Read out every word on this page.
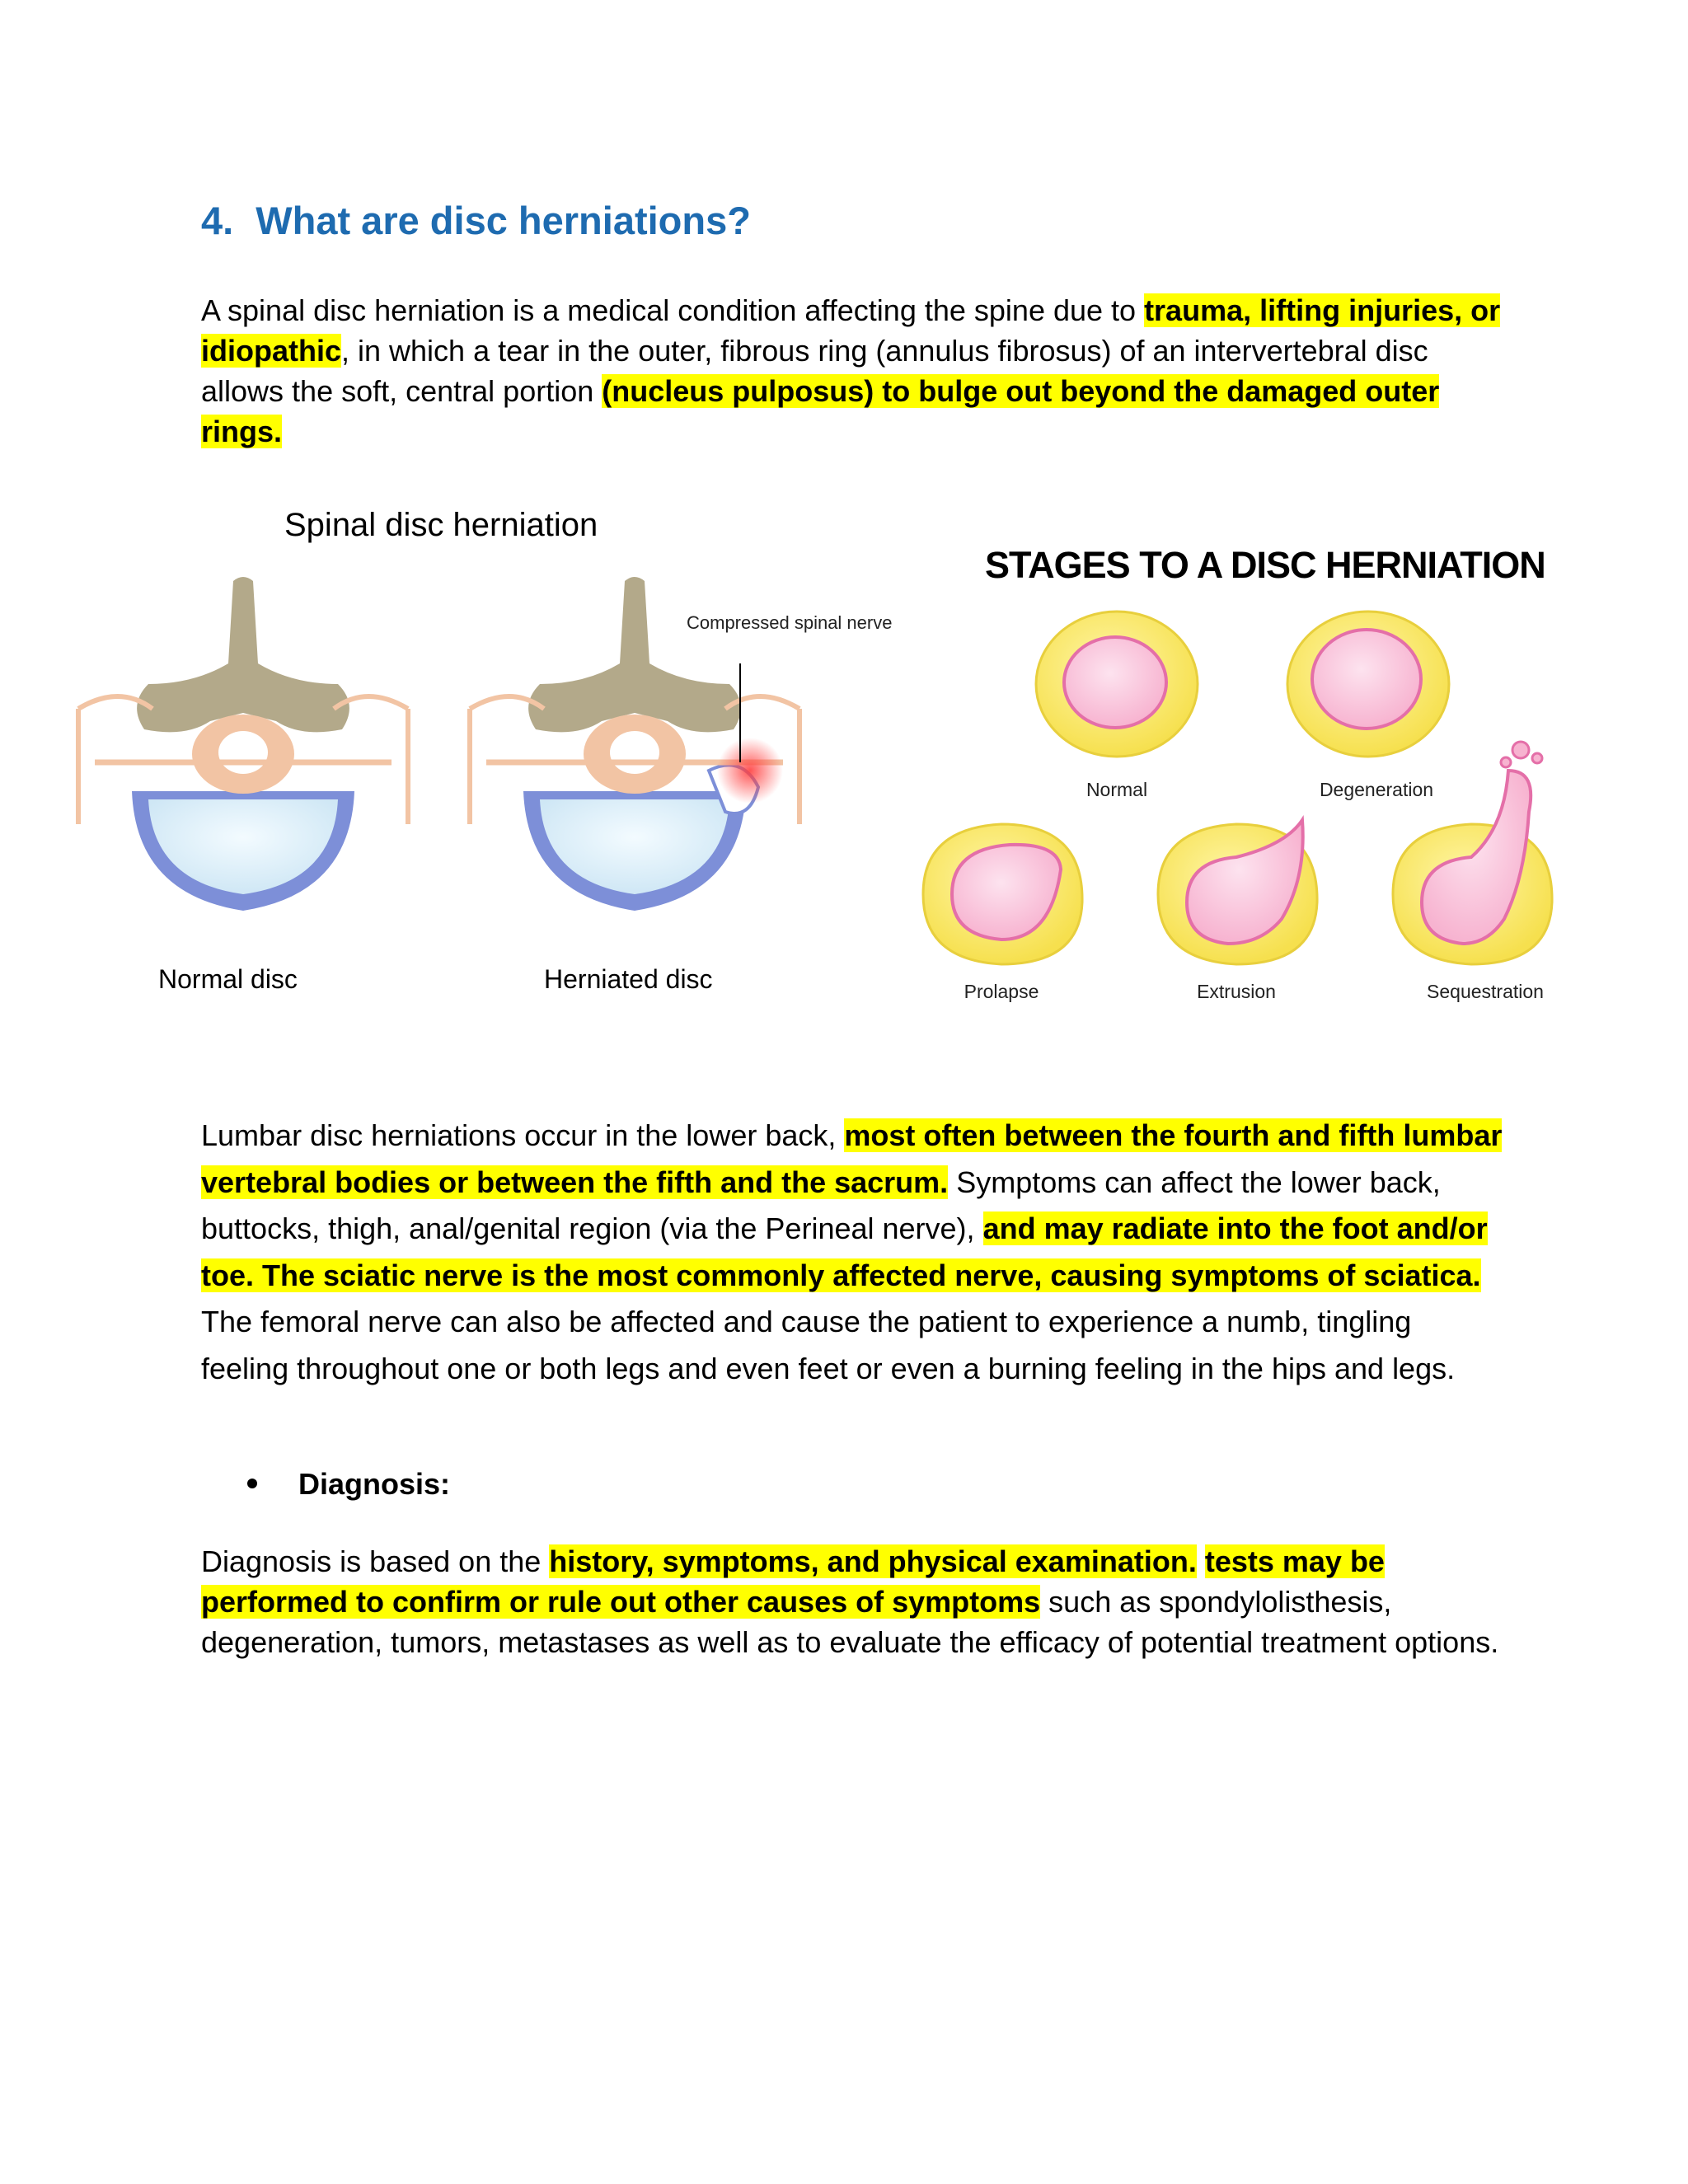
4. What are disc herniations?
A spinal disc herniation is a medical condition affecting the spine due to trauma, lifting injuries, or idiopathic, in which a tear in the outer, fibrous ring (annulus fibrosus) of an intervertebral disc allows the soft, central portion (nucleus pulposus) to bulge out beyond the damaged outer rings.
Spinal disc herniation
Compressed spinal nerve
Normal disc	Herniated disc
STAGES TO A DISC HERNIATION
Normal	Degeneration
Prolapse	Extrusion	Sequestration
Lumbar disc herniations occur in the lower back, most often between the fourth and fifth lumbar vertebral bodies or between the fifth and the sacrum. Symptoms can affect the lower back, buttocks, thigh, anal/genital region (via the Perineal nerve), and may radiate into the foot and/or toe. The sciatic nerve is the most commonly affected nerve, causing symptoms of sciatica. The femoral nerve can also be affected and cause the patient to experience a numb, tingling feeling throughout one or both legs and even feet or even a burning feeling in the hips and legs.
Diagnosis:
Diagnosis is based on the history, symptoms, and physical examination. tests may be performed to confirm or rule out other causes of symptoms such as spondylolisthesis, degeneration, tumors, metastases as well as to evaluate the efficacy of potential treatment options.
